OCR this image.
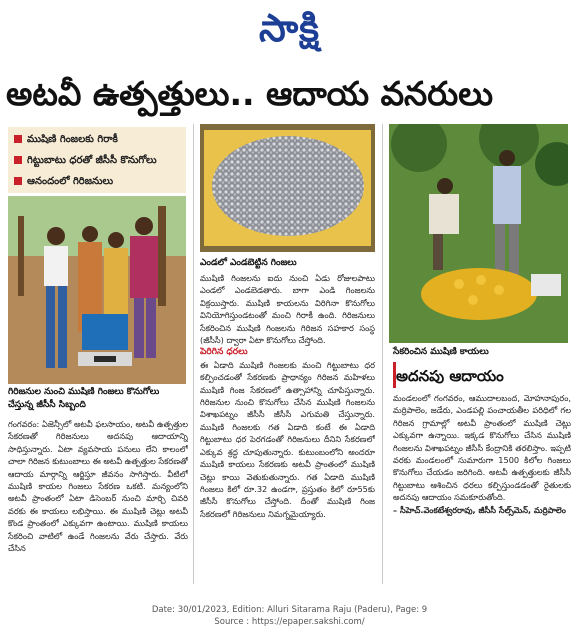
సాక్షి
అటవీ ఉత్పత్తులు.. ఆదాయ వనరులు
ముషిణి గింజలకు గిరాకీ
గిట్టుబాటు ధరతో జీసీసీ కొనుగోలు
ఆనందంలో గిరిజనులు
గిరిజనుల నుంచి ముషిణి గింజలు కొనుగోలు చేస్తున్న జీసీసీ సిబ్బంది
ఎండలో ఎండబెట్టిన గింజలు
సేకరించిన ముషిణి కాయలు
గంగవరం: ఏజెన్సీలో అటవీ ఫలసాయం, అటవీ ఉత్పత్తుల సేకరణతో గిరిజనులు అదనపు ఆదాయాన్ని సాధిస్తున్నారు. ఏటా వ్యవసాయ పనులు లేని కాలంలో చాలా గిరిజన కుటుంబాలు ఈ అటవీ ఉత్పత్తుల సేకరణతో ఆదాయ మార్గాన్ని ఆర్జిస్తూ జీవనం సాగిస్తారు. వీటిలో ముషిణి కాయల గింజలు సేకరణ ఒకటి. మన్యంలోని అటవీ ప్రాంతంలో ఏటా డిసెంబర్ నుంచి మార్చి చివరి వరకు ఈ కాయలు లభిస్తాయి. ఈ ముషిణి చెట్లు అటవీ కొండ ప్రాంతంలో ఎక్కువగా ఉంటాయి. ముషిణి కాయలు సేకరించి వాటిలో ఉండే గింజలను వేరు చేస్తారు. వేరు చేసిన
ముషిణి గింజలను ఐదు నుంచి ఏడు రోజులపాటు ఎండలో ఎండబెడతారు. బాగా ఎండి గింజలను విక్రయిస్తారు. ముషిణి కాయలను విరిగినా కొనుగోలు వినియోగిస్తుండటంతో మంచి గిరాకీ ఉంది. గిరిజనులు సేకరించిన ముషిణి గింజలను గిరిజన సహకార సంస్థ (జీసీసీ) ద్వారా ఏటా కొనుగోలు చేస్తోంది.
పెరిగిన ధరలు
ఈ ఏడాది ముషిణి గింజలకు మంచి గిట్టుబాటు ధర కల్పించడంతో సేకరణకు ప్రాధాన్యం గిరిజన మహిళలు ముషిణి గింజ సేకరణలో ఉత్సాహాన్ని చూపిస్తున్నారు. గిరిజనుల నుంచి కొనుగోలు చేసిన ముషిణి గింజలను విశాఖపట్నం జీసీసీ జీసీసీ ఎగుమతి చేస్తున్నారు. ముషిణి గింజలకు గత ఏడాది కంటే ఈ ఏడాది గిట్టుబాటు ధర పెరగడంతో గిరిజనులు దీనిని సేకరణలో ఎక్కువ శ్రద్ధ చూపుతున్నారు. కుటుంబంలోని అందరూ ముషిణి కాయలు సేకరణకు అటవీ ప్రాంతంలో ముషిణి చెట్లు కాయి వెతుకుతున్నారు. గత ఏడాది ముషిణి గింజలు కిలో రూ.32 ఉండగా, ప్రస్తుతం కిలో రూ55కు జీసీసీ కొనుగోలు చేస్తోంది. దీంతో ముషిణి గింజ సేకరణలో గిరిజనులు నిమగ్నమైయ్యారు.
అదనపు ఆదాయం
మండలంలో గంగవరం, ఆముదాలబంద, మోహనాపురం, మర్రిపాలెం, జడేరు, ఎండపల్లి పంచాయతీల పరిధిలో గల గిరిజన గ్రామాల్లో అటవీ ప్రాంతంలో ముషిణి చెట్లు ఎక్కువగా ఉన్నాయి. ఇక్కడ కొనుగోలు చేసిన ముషిణి గింజలను విశాఖపట్నం జీసీసీ కేంద్రానికి తరలిస్తాం. ఇప్పటి వరకు మండలంలో సుమారుగా 1500 కిలోల గింజలు కొనుగోలు చేయడం జరిగింది. అటవీ ఉత్పత్తులకు జీసీసీ గిట్టుబాటు ఆశించిన ధరలు కల్పిస్తుండడంతో రైతులకు అదనపు ఆదాయం సమకూరుతోంది.
– సీహెచ్.వెంకటేశ్వరరావు, జీసీసీ సేల్స్‌మెన్, మర్రిపాలెం
Date: 30/01/2023, Edition: Alluri Sitarama Raju (Paderu), Page: 9
Source : https://epaper.sakshi.com/
